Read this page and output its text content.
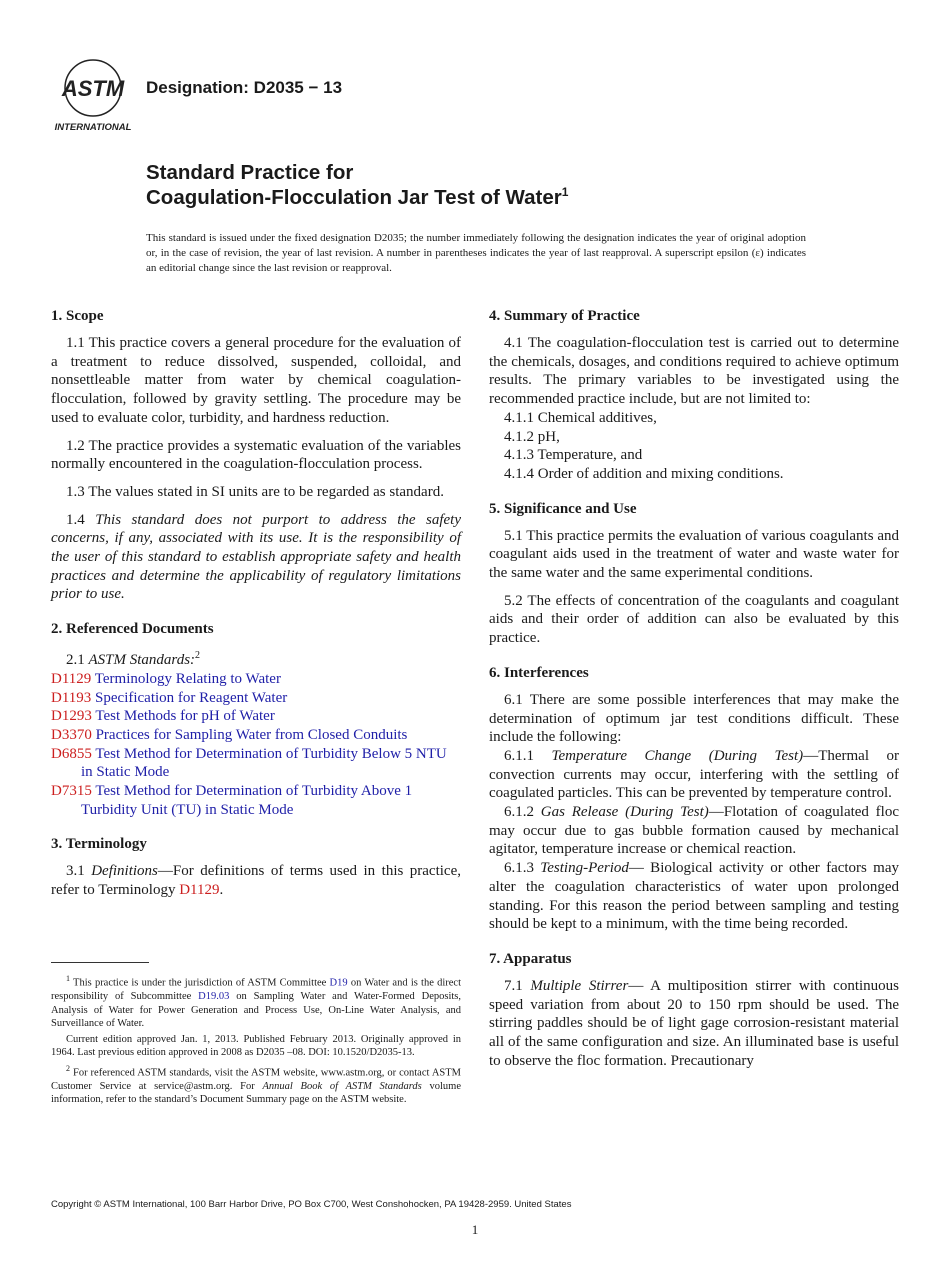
ASTM
INTERNATIONAL
Designation: D2035 − 13
Standard Practice for
Coagulation-Flocculation Jar Test of Water$^1$
This standard is issued under the fixed designation D2035; the number immediately following the designation indicates the year of original adoption or, in the case of revision, the year of last revision. A number in parentheses indicates the year of last reapproval. A superscript epsilon (ε) indicates an editorial change since the last revision or reapproval.
1. Scope

1.1 This practice covers a general procedure for the evaluation of a treatment to reduce dissolved, suspended, colloidal, and nonsettleable matter from water by chemical coagulation-flocculation, followed by gravity settling. The procedure may be used to evaluate color, turbidity, and hardness reduction.

1.2 The practice provides a systematic evaluation of the variables normally encountered in the coagulation-flocculation process.

1.3 The values stated in SI units are to be regarded as standard.

1.4 This standard does not purport to address the safety concerns, if any, associated with its use. It is the responsibility of the user of this standard to establish appropriate safety and health practices and determine the applicability of regulatory limitations prior to use.

2. Referenced Documents
2.1 ASTM Standards:$^2$
D1129 Terminology Relating to Water
D1193 Specification for Reagent Water
D1293 Test Methods for pH of Water
D3370 Practices for Sampling Water from Closed Conduits
D6855 Test Method for Determination of Turbidity Below 5 NTU in Static Mode
D7315 Test Method for Determination of Turbidity Above 1 Turbidity Unit (TU) in Static Mode
3. Terminology

3.1 Definitions—For definitions of terms used in this practice, refer to Terminology D1129.

$^1$ This practice is under the jurisdiction of ASTM Committee D19 on Water and is the direct responsibility of Subcommittee D19.03 on Sampling Water and Water-Formed Deposits, Analysis of Water for Power Generation and Process Use, On-Line Water Analysis, and Surveillance of Water.

Current edition approved Jan. 1, 2013. Published February 2013. Originally approved in 1964. Last previous edition approved in 2008 as D2035 –08. DOI: 10.1520/D2035-13.

$^2$ For referenced ASTM standards, visit the ASTM website, www.astm.org, or contact ASTM Customer Service at service@astm.org. For Annual Book of ASTM Standards volume information, refer to the standard’s Document Summary page on the ASTM website.

4. Summary of Practice

4.1 The coagulation-flocculation test is carried out to determine the chemicals, dosages, and conditions required to achieve optimum results. The primary variables to be investigated using the recommended practice include, but are not limited to:

4.1.1 Chemical additives,
4.1.2 pH,
4.1.3 Temperature, and
4.1.4 Order of addition and mixing conditions.
5. Significance and Use

5.1 This practice permits the evaluation of various coagulants and coagulant aids used in the treatment of water and waste water for the same water and the same experimental conditions.

5.2 The effects of concentration of the coagulants and coagulant aids and their order of addition can also be evaluated by this practice.

6. Interferences

6.1 There are some possible interferences that may make the determination of optimum jar test conditions difficult. These include the following:

6.1.1 Temperature Change (During Test)—Thermal or convection currents may occur, interfering with the settling of coagulated particles. This can be prevented by temperature control.

6.1.2 Gas Release (During Test)—Flotation of coagulated floc may occur due to gas bubble formation caused by mechanical agitator, temperature increase or chemical reaction.

6.1.3 Testing-Period— Biological activity or other factors may alter the coagulation characteristics of water upon prolonged standing. For this reason the period between sampling and testing should be kept to a minimum, with the time being recorded.

7. Apparatus

7.1 Multiple Stirrer— A multiposition stirrer with continuous speed variation from about 20 to 150 rpm should be used. The stirring paddles should be of light gage corrosion-resistant material all of the same configuration and size. An illuminated base is useful to observe the floc formation. Precautionary

Copyright © ASTM International, 100 Barr Harbor Drive, PO Box C700, West Conshohocken, PA 19428-2959. United States
1
